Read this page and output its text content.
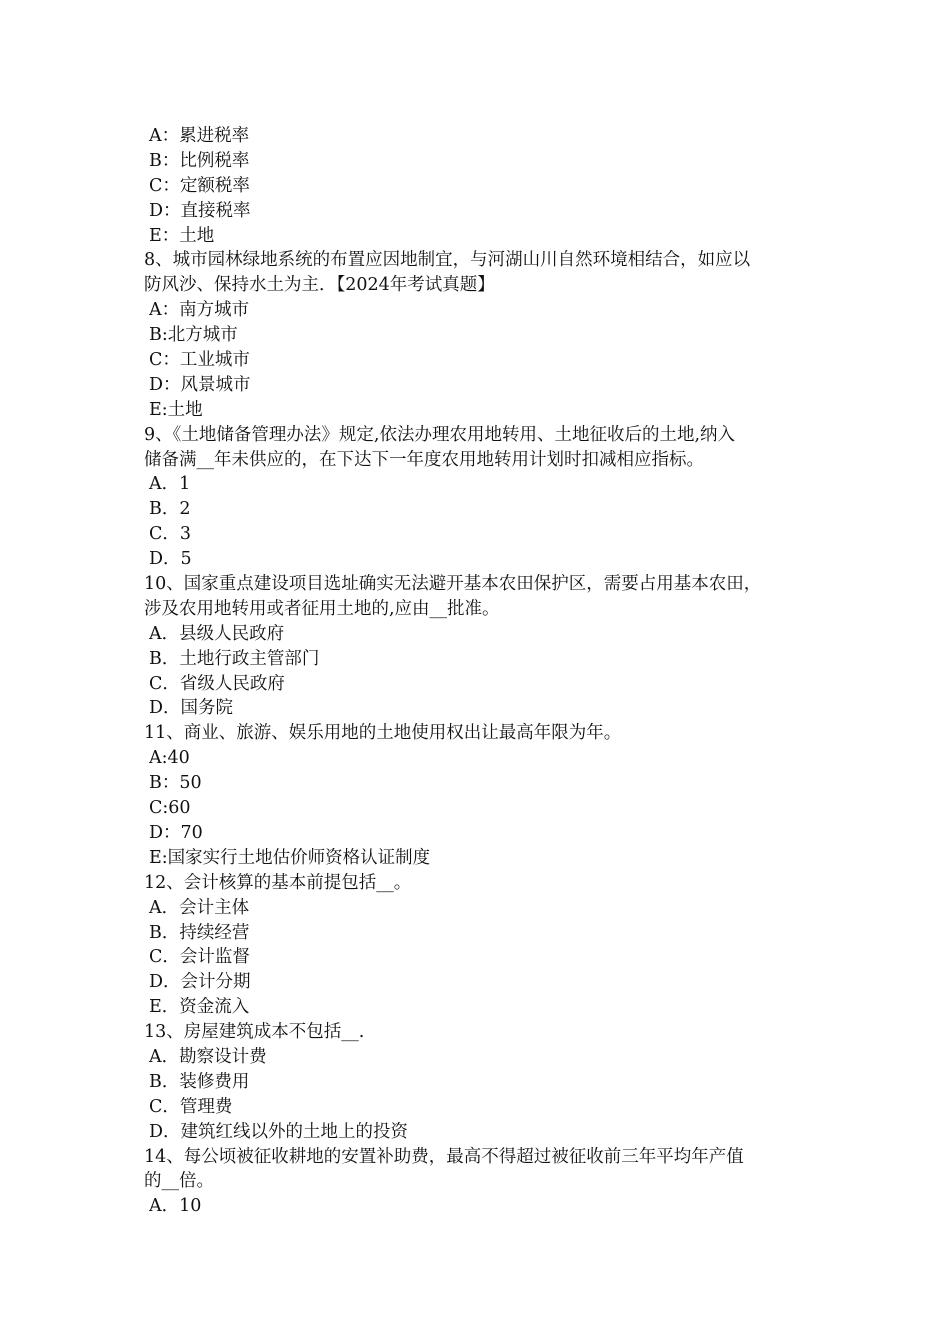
A：累进税率
B：比例税率
C：定额税率
D：直接税率
E：土地
8、城市园林绿地系统的布置应因地制宜，与河湖山川自然环境相结合，如应以
防风沙、保持水土为主．【2024年考试真题】
A：南方城市
B:北方城市
C：工业城市
D：风景城市
E:土地
9、《土地储备管理办法》规定,依法办理农用地转用、土地征收后的土地,纳入
储备满__年未供应的，在下达下一年度农用地转用计划时扣减相应指标。
A．1
B．2
C．3
D．5
10、国家重点建设项目选址确实无法避开基本农田保护区，需要占用基本农田，
涉及农用地转用或者征用土地的,应由__批准。
A．县级人民政府
B．土地行政主管部门
C．省级人民政府
D．国务院
11、商业、旅游、娱乐用地的土地使用权出让最高年限为年。
A:40
B：50
C:60
D：70
E:国家实行土地估价师资格认证制度
12、会计核算的基本前提包括__。
A．会计主体
B．持续经营
C．会计监督
D．会计分期
E．资金流入
13、房屋建筑成本不包括__.
A．勘察设计费
B．装修费用
C．管理费
D．建筑红线以外的土地上的投资
14、每公顷被征收耕地的安置补助费，最高不得超过被征收前三年平均年产值
的__倍。
A．10
